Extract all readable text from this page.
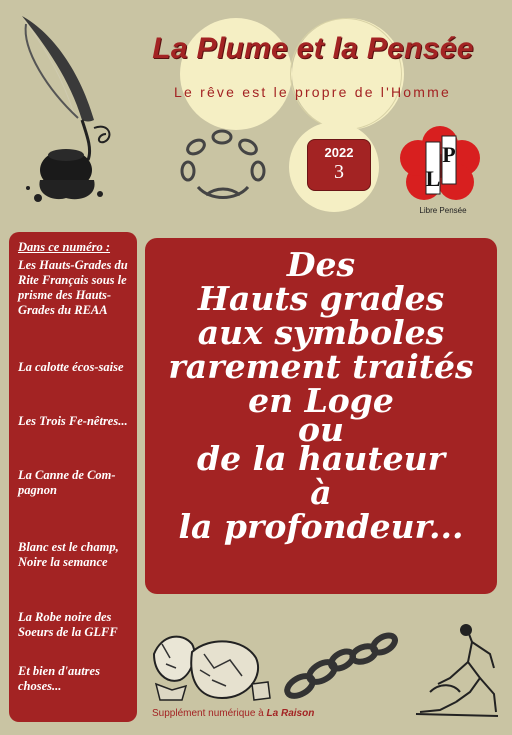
La Plume et la Pensée
Le rêve est le propre de l'Homme
2022
3	L
P
Libre Pensée
Dans ce numéro :
Les Hauts-Grades du Rite Français sous le prisme des Hauts-Grades du REAA
La calotte écos-saise
Les Trois Fe-nêtres...
La Canne de Com-pagnon
Blanc est le champ, Noire la semance
La Robe noire des Soeurs de la GLFF
Et bien d'autres choses...
Des
Hauts grades
aux symboles
rarement traités
en Loge
ou
de la hauteur
à
la profondeur...
Supplément numérique à La Raison
